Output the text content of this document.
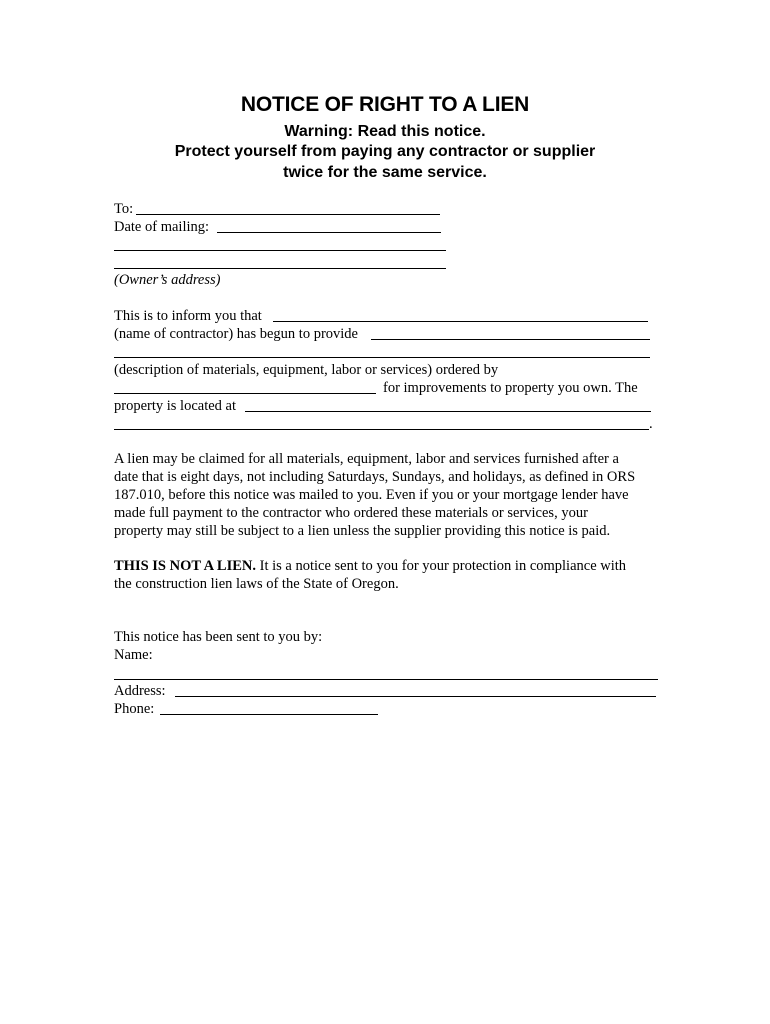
NOTICE OF RIGHT TO A LIEN
Warning: Read this notice.
Protect yourself from paying any contractor or supplier
twice for the same service.
To:
Date of mailing:
(Owner’s address)
This is to inform you that
(name of contractor) has begun to provide
(description of materials, equipment, labor or services) ordered by
for improvements to property you own. The
property is located at
.
A lien may be claimed for all materials, equipment, labor and services furnished after a
date that is eight days, not including Saturdays, Sundays, and holidays, as defined in ORS
187.010, before this notice was mailed to you. Even if you or your mortgage lender have
made full payment to the contractor who ordered these materials or services, your
property may still be subject to a lien unless the supplier providing this notice is paid.
THIS IS NOT A LIEN. It is a notice sent to you for your protection in compliance with
the construction lien laws of the State of Oregon.
This notice has been sent to you by:
Name:
Address:
Phone:
